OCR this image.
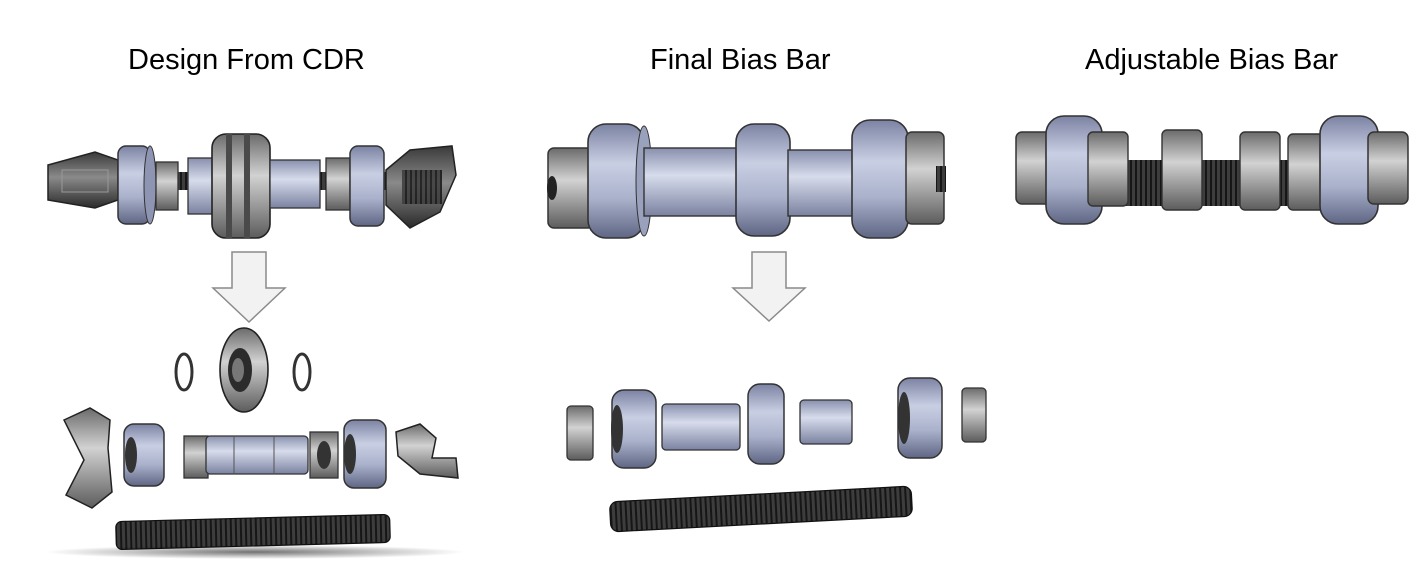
Design From CDR	Final Bias Bar	Adjustable Bias Bar
